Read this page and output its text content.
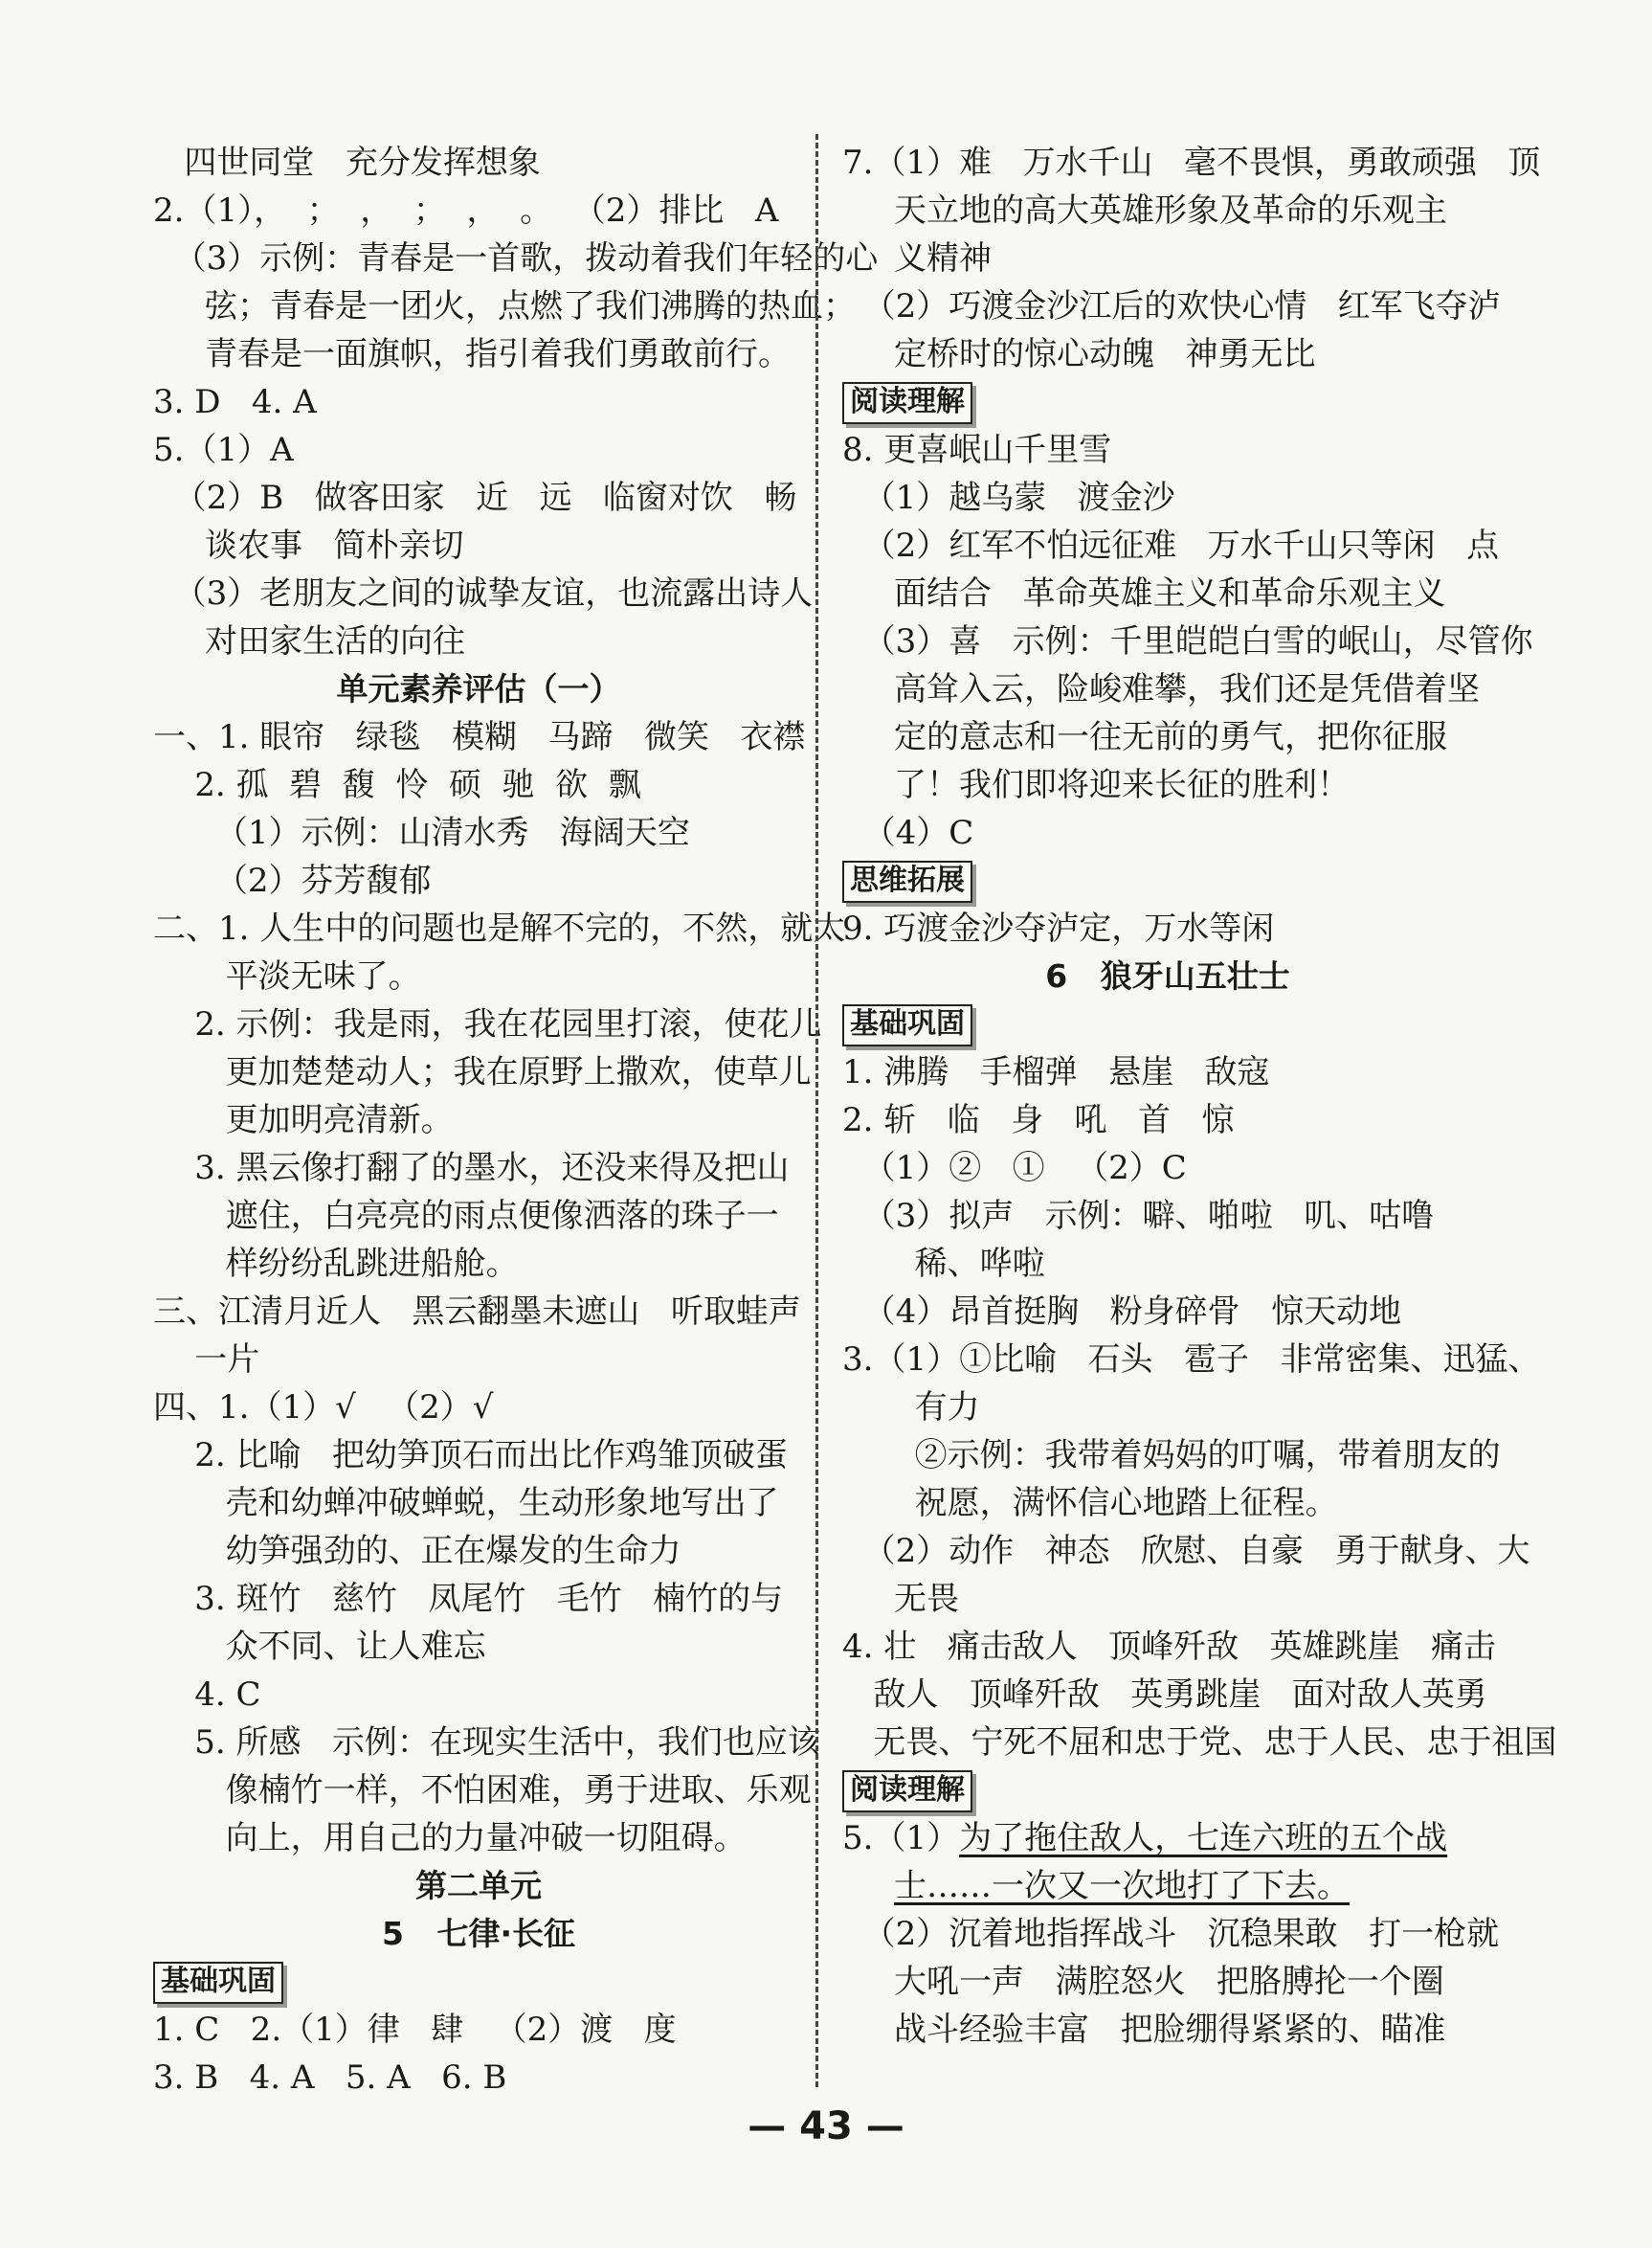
四世同堂   充分发挥想象
2.（1），  ；  ，  ；  ，  。  （2）排比   A
（3）示例：青春是一首歌，拨动着我们年轻的心
弦；青春是一团火，点燃了我们沸腾的热血；
青春是一面旗帜，指引着我们勇敢前行。
3. D   4. A
5.（1）A
（2）B   做客田家   近   远   临窗对饮   畅
谈农事   简朴亲切
（3）老朋友之间的诚挚友谊，也流露出诗人
对田家生活的向往
单元素养评估（一）
一、1. 眼帘   绿毯   模糊   马蹄   微笑   衣襟
2. 孤  碧  馥  怜  硕  驰  欲  飘
（1）示例：山清水秀   海阔天空
（2）芬芳馥郁
二、1. 人生中的问题也是解不完的，不然，就太
平淡无味了。
2. 示例：我是雨，我在花园里打滚，使花儿
更加楚楚动人；我在原野上撒欢，使草儿
更加明亮清新。
3. 黑云像打翻了的墨水，还没来得及把山
遮住，白亮亮的雨点便像洒落的珠子一
样纷纷乱跳进船舱。
三、江清月近人   黑云翻墨未遮山   听取蛙声
一片
四、1.（1）√   （2）√
2. 比喻   把幼笋顶石而出比作鸡雏顶破蛋
壳和幼蝉冲破蝉蜕，生动形象地写出了
幼笋强劲的、正在爆发的生命力
3. 斑竹   慈竹   凤尾竹   毛竹   楠竹的与
众不同、让人难忘
4. C
5. 所感   示例：在现实生活中，我们也应该
像楠竹一样，不怕困难，勇于进取、乐观
向上，用自己的力量冲破一切阻碍。
第二单元
5   七律·长征
基础巩固
1. C   2.（1）律   肆   （2）渡   度
3. B   4. A   5. A   6. B
7.（1）难   万水千山   毫不畏惧，勇敢顽强   顶
天立地的高大英雄形象及革命的乐观主
义精神
（2）巧渡金沙江后的欢快心情   红军飞夺泸
定桥时的惊心动魄   神勇无比
阅读理解
8. 更喜岷山千里雪
（1）越乌蒙   渡金沙
（2）红军不怕远征难   万水千山只等闲   点
面结合   革命英雄主义和革命乐观主义
（3）喜   示例：千里皑皑白雪的岷山，尽管你
高耸入云，险峻难攀，我们还是凭借着坚
定的意志和一往无前的勇气，把你征服
了！我们即将迎来长征的胜利！
（4）C
思维拓展
9. 巧渡金沙夺泸定，万水等闲
6   狼牙山五壮士
基础巩固
1. 沸腾   手榴弹   悬崖   敌寇
2. 斩   临   身   吼   首   惊
（1）②   ①   （2）C
（3）拟声   示例：噼、啪啦   叽、咕噜
稀、哗啦
（4）昂首挺胸   粉身碎骨   惊天动地
3.（1）①比喻   石头   雹子   非常密集、迅猛、
有力
②示例：我带着妈妈的叮嘱，带着朋友的
祝愿，满怀信心地踏上征程。
（2）动作   神态   欣慰、自豪   勇于献身、大
无畏
4. 壮   痛击敌人   顶峰歼敌   英雄跳崖   痛击
敌人   顶峰歼敌   英勇跳崖   面对敌人英勇
无畏、宁死不屈和忠于党、忠于人民、忠于祖国
阅读理解
5.（1）为了拖住敌人，七连六班的五个战
士……一次又一次地打了下去。
（2）沉着地指挥战斗   沉稳果敢   打一枪就
大吼一声   满腔怒火   把胳膊抡一个圈
战斗经验丰富   把脸绷得紧紧的、瞄准
— 43 —
